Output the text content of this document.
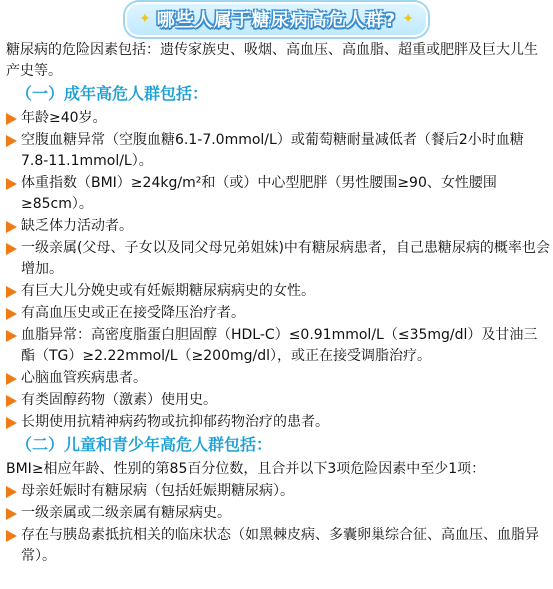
✦ 哪些人属于糖尿病高危人群? ✦

糖尿病的危险因素包括：遗传家族史、吸烟、高血压、高血脂、超重或肥胖及巨大儿生产史等。

（一）成年高危人群包括：
年龄≥40岁。
空腹血糖异常（空腹血糖6.1-7.0mmol/L）或葡萄糖耐量减低者（餐后2小时血糖7.8-11.1mmol/L）。
体重指数（BMI）≥24kg/m²和（或）中心型肥胖（男性腰围≥90、女性腰围≥85cm）。
缺乏体力活动者。
一级亲属(父母、子女以及同父母兄弟姐妹)中有糖尿病患者，自己患糖尿病的概率也会增加。
有巨大儿分娩史或有妊娠期糖尿病病史的女性。
有高血压史或正在接受降压治疗者。
血脂异常：高密度脂蛋白胆固醇（HDL-C）≤0.91mmol/L（≤35mg/dl）及甘油三酯（TG）≥2.22mmol/L（≥200mg/dl），或正在接受调脂治疗。
心脑血管疾病患者。
有类固醇药物（激素）使用史。
长期使用抗精神病药物或抗抑郁药物治疗的患者。
（二）儿童和青少年高危人群包括：

BMI≥相应年龄、性别的第85百分位数，且合并以下3项危险因素中至少1项：

母亲妊娠时有糖尿病（包括妊娠期糖尿病）。
一级亲属或二级亲属有糖尿病史。
存在与胰岛素抵抗相关的临床状态（如黑棘皮病、多囊卵巢综合征、高血压、血脂异常）。
